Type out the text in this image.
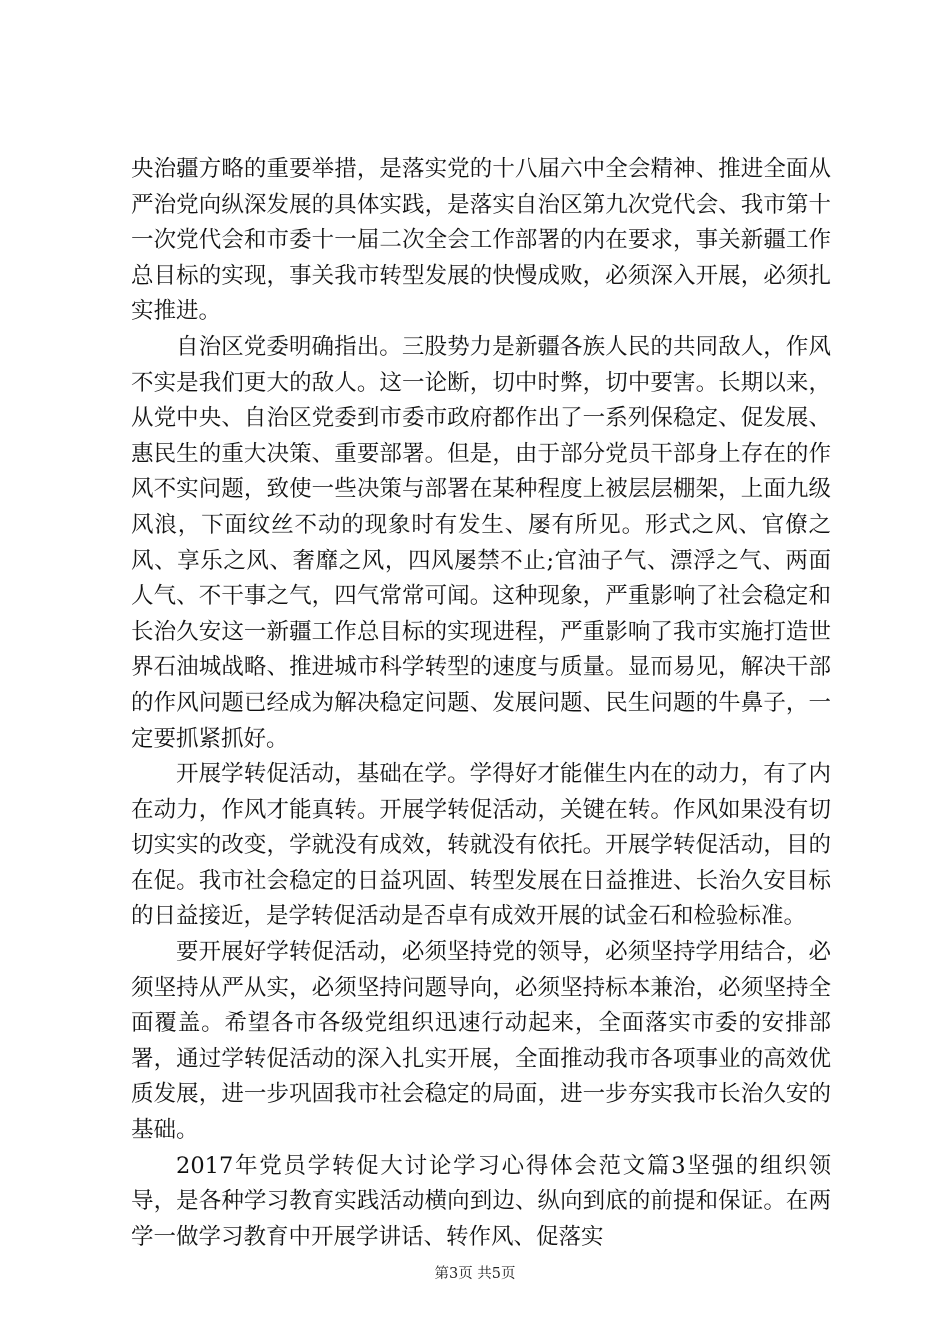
央治疆方略的重要举措，是落实党的十八届六中全会精神、推进全面从严治党向纵深发展的具体实践，是落实自治区第九次党代会、我市第十一次党代会和市委十一届二次全会工作部署的内在要求，事关新疆工作总目标的实现，事关我市转型发展的快慢成败，必须深入开展，必须扎实推进。

自治区党委明确指出。三股势力是新疆各族人民的共同敌人，作风不实是我们更大的敌人。这一论断，切中时弊，切中要害。长期以来，从党中央、自治区党委到市委市政府都作出了一系列保稳定、促发展、惠民生的重大决策、重要部署。但是，由于部分党员干部身上存在的作风不实问题，致使一些决策与部署在某种程度上被层层棚架，上面九级风浪，下面纹丝不动的现象时有发生、屡有所见。形式之风、官僚之风、享乐之风、奢靡之风，四风屡禁不止;官油子气、漂浮之气、两面人气、不干事之气，四气常常可闻。这种现象，严重影响了社会稳定和长治久安这一新疆工作总目标的实现进程，严重影响了我市实施打造世界石油城战略、推进城市科学转型的速度与质量。显而易见，解决干部的作风问题已经成为解决稳定问题、发展问题、民生问题的牛鼻子，一定要抓紧抓好。

开展学转促活动，基础在学。学得好才能催生内在的动力，有了内在动力，作风才能真转。开展学转促活动，关键在转。作风如果没有切切实实的改变，学就没有成效，转就没有依托。开展学转促活动，目的在促。我市社会稳定的日益巩固、转型发展在日益推进、长治久安目标的日益接近，是学转促活动是否卓有成效开展的试金石和检验标准。

要开展好学转促活动，必须坚持党的领导，必须坚持学用结合，必须坚持从严从实，必须坚持问题导向，必须坚持标本兼治，必须坚持全面覆盖。希望各市各级党组织迅速行动起来，全面落实市委的安排部署，通过学转促活动的深入扎实开展，全面推动我市各项事业的高效优质发展，进一步巩固我市社会稳定的局面，进一步夯实我市长治久安的基础。

2017年党员学转促大讨论学习心得体会范文篇3坚强的组织领导，是各种学习教育实践活动横向到边、纵向到底的前提和保证。在两学一做学习教育中开展学讲话、转作风、促落实

第3页 共5页
